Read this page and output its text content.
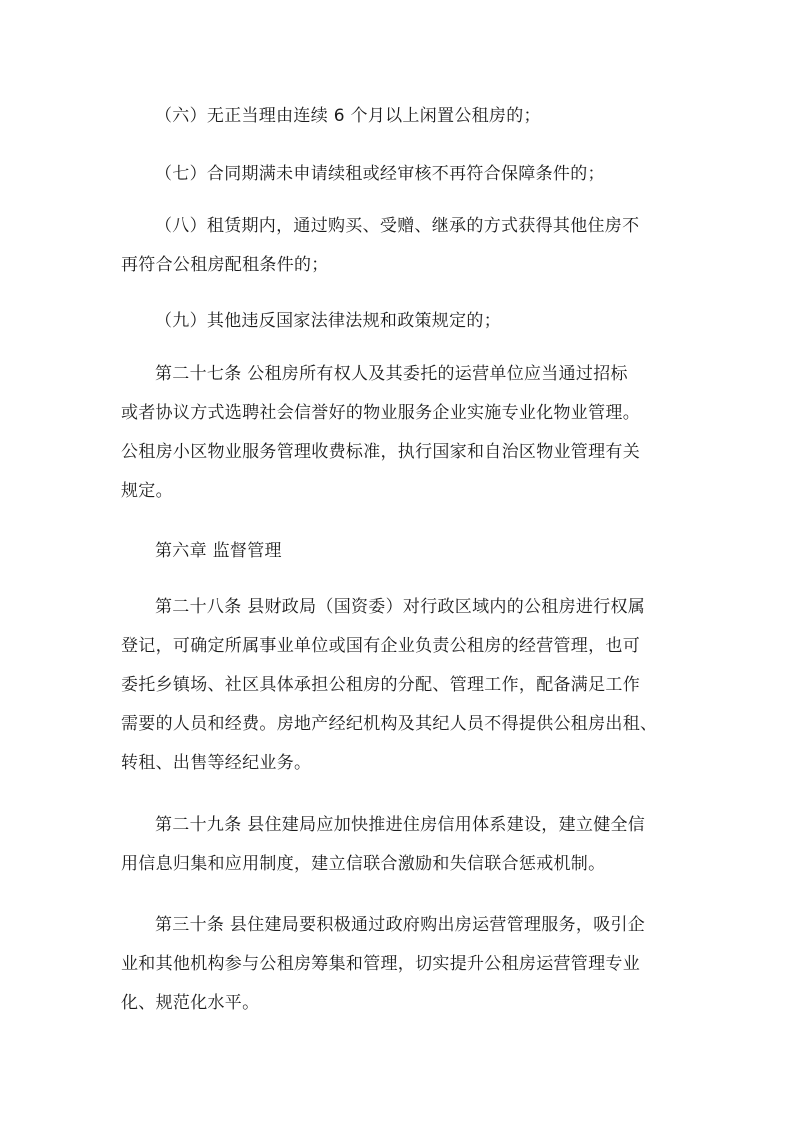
（六）无正当理由连续 6 个月以上闲置公租房的；

（七）合同期满未申请续租或经审核不再符合保障条件的；

（八）租赁期内，通过购买、受赠、继承的方式获得其他住房不
再符合公租房配租条件的；

（九）其他违反国家法律法规和政策规定的；

第二十七条 公租房所有权人及其委托的运营单位应当通过招标
或者协议方式选聘社会信誉好的物业服务企业实施专业化物业管理。
公租房小区物业服务管理收费标准，执行国家和自治区物业管理有关
规定。

第六章 监督管理

第二十八条 县财政局（国资委）对行政区域内的公租房进行权属
登记，可确定所属事业单位或国有企业负责公租房的经营管理，也可
委托乡镇场、社区具体承担公租房的分配、管理工作，配备满足工作
需要的人员和经费。房地产经纪机构及其纪人员不得提供公租房出租、
转租、出售等经纪业务。

第二十九条 县住建局应加快推进住房信用体系建设，建立健全信
用信息归集和应用制度，建立信联合激励和失信联合惩戒机制。

第三十条 县住建局要积极通过政府购出房运营管理服务，吸引企
业和其他机构参与公租房筹集和管理，切实提升公租房运营管理专业
化、规范化水平。
